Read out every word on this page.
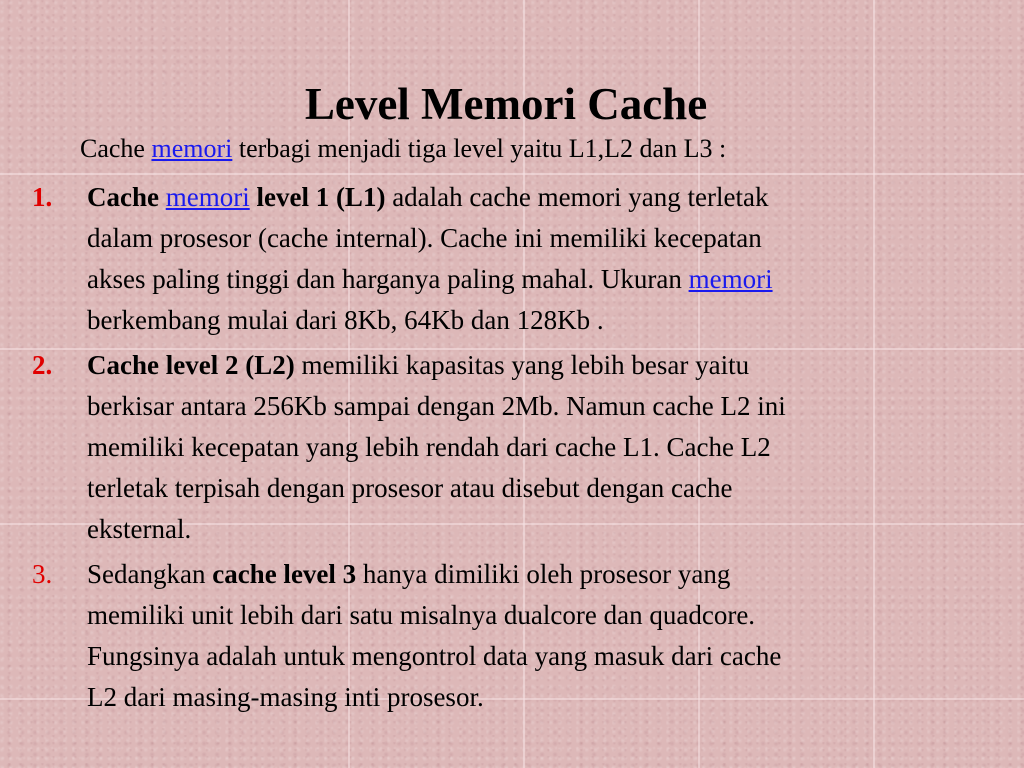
Level Memori Cache
Cache memori terbagi menjadi tiga level yaitu L1,L2 dan L3 :
1. Cache memori level 1 (L1) adalah cache memori yang terletak
dalam prosesor (cache internal). Cache ini memiliki kecepatan
akses paling tinggi dan harganya paling mahal. Ukuran memori
berkembang mulai dari 8Kb, 64Kb dan 128Kb .
2. Cache level 2 (L2) memiliki kapasitas yang lebih besar yaitu
berkisar antara 256Kb sampai dengan 2Mb. Namun cache L2 ini
memiliki kecepatan yang lebih rendah dari cache L1. Cache L2
terletak terpisah dengan prosesor atau disebut dengan cache
eksternal.
3. Sedangkan cache level 3 hanya dimiliki oleh prosesor yang
memiliki unit lebih dari satu misalnya dualcore dan quadcore.
Fungsinya adalah untuk mengontrol data yang masuk dari cache
L2 dari masing-masing inti prosesor.
